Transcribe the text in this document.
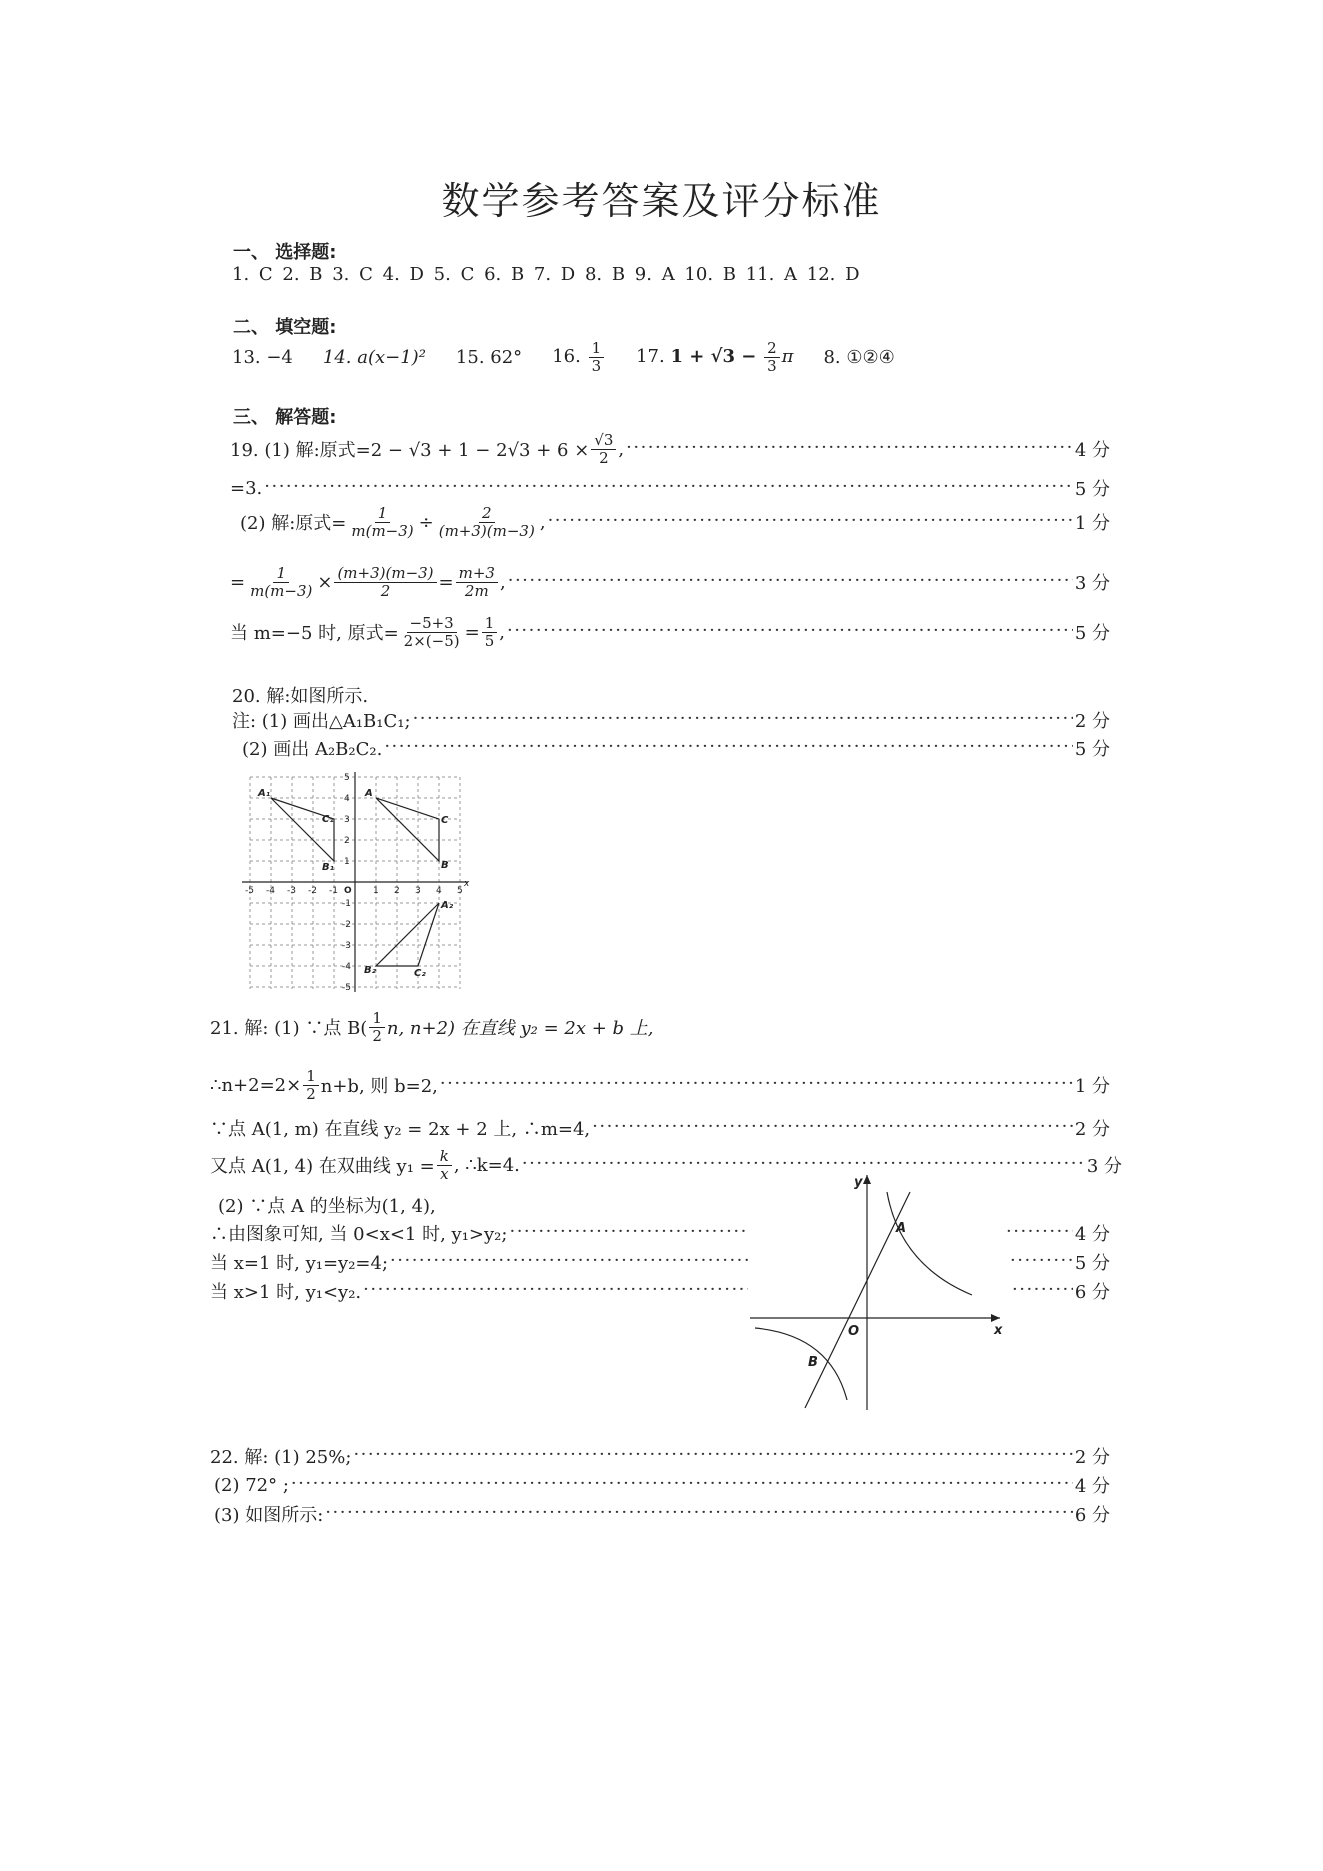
数学参考答案及评分标准
一、 选择题:
1. C 2. B 3. C 4. D 5. C 6. B 7. D 8. B 9. A 10. B 11. A 12. D
二、 填空题:
13. −4 14. a(x−1)² 15. 62° 16. $\frac{1}{3} 17$. $1 + √3 - \frac{2}{3}$ π 8. ①②④
三、 解答题:
19. (1) 解:原式$=2 - √3 + 1 - 2√3 + 6 \times \frac{√3}{2}$ , ·····	4 分
=3. ·····	5 分
(2) 解:原式= $\frac{1}{m(m-3)} \div \frac{2}{(m+3)(m-3)}$ , ·····	1 分
= $\frac{1}{m(m-3)} \times \frac{(m+3)(m-3)}{2} = \frac{m+3}{2m}$ , ·····	3 分
当 m=−5 时, 原式= $\frac{-5+3}{2\times(-5)} = \frac{1}{5}$ , ·····	5 分
20. 解:如图所示.
注: (1) 画出△A₁B₁C₁; ·····	2 分
(2) 画出 A₂B₂C₂. ·····	5 分
-5 -4 -3 -2 -1 O 1 2 3 4 5
x
5
4
3
2
1
-1
-2
-3
-4
-5
A₁
C₁
B₁
A
C
B
A₂
B₂	C₂
21. 解: (1) ∵点 $B( \frac{1}{2} n$, n+2) 在直线 y₂ = 2x + b 上,
∴n+2=2× $\frac{1}{2} n+b$, 则 b=2, ·····	1 分
∵点 A(1, m) 在直线 y₂ = 2x + 2 上, ∴m=4, ·····	2 分
又点 A(1, 4) 在双曲线 $y_1 = \frac{k}{x}$ , ∴k=4. ·····	3 分
(2) ∵点 A 的坐标为(1, 4),
∴由图象可知, 当 0<x<1 时, y₁>y₂; ····· ·····	4 分
当 x=1 时, y₁=y₂=4; ····· ·····	5 分
当 x>1 时, y₁<y₂. ····· ·····	6 分
y
x
O
A
B
22. 解: (1) 25%; ·····	2 分
(2) 72° ; ·····	4 分
(3) 如图所示: ·····	6 分
